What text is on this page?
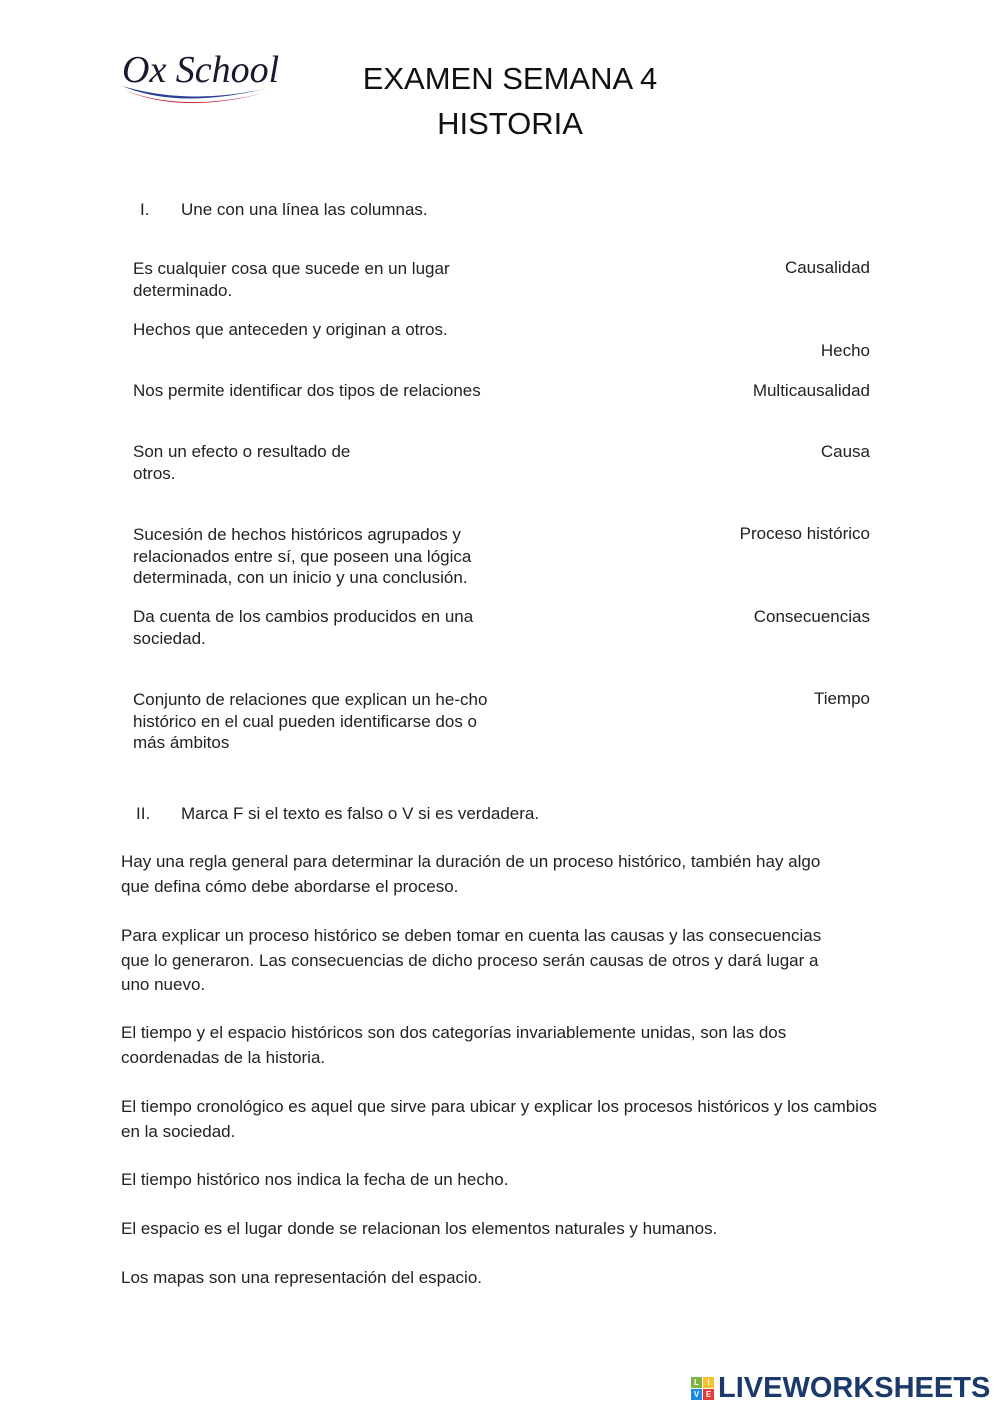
Ox School	EXAMEN SEMANA 4
HISTORIA
I. Une con una línea las columnas.
Es cualquier cosa que sucede en un lugar determinado.
Hechos que anteceden y originan a otros.
Nos permite identificar dos tipos de relaciones
Son un efecto o resultado de otros.
Sucesión de hechos históricos agrupados y relacionados entre sí, que poseen una lógica determinada, con un inicio y una conclusión.
Da cuenta de los cambios producidos en una sociedad.
Conjunto de relaciones que explican un he-cho histórico en el cual pueden identificarse dos o más ámbitos
Causalidad
Hecho
Multicausalidad
Causa
Proceso histórico
Consecuencias
Tiempo
II. Marca F si el texto es falso o V si es verdadera.
Hay una regla general para determinar la duración de un proceso histórico, también hay algo que defina cómo debe abordarse el proceso.
Para explicar un proceso histórico se deben tomar en cuenta las causas y las consecuencias que lo generaron. Las consecuencias de dicho proceso serán causas de otros y dará lugar a uno nuevo.
El tiempo y el espacio históricos son dos categorías invariablemente unidas, son las dos coordenadas de la historia.
El tiempo cronológico es aquel que sirve para ubicar y explicar los procesos históricos y los cambios en la sociedad.
El tiempo histórico nos indica la fecha de un hecho.
El espacio es el lugar donde se relacionan los elementos naturales y humanos.
Los mapas son una representación del espacio.
L	I
V E LIVEWORKSHEETS
